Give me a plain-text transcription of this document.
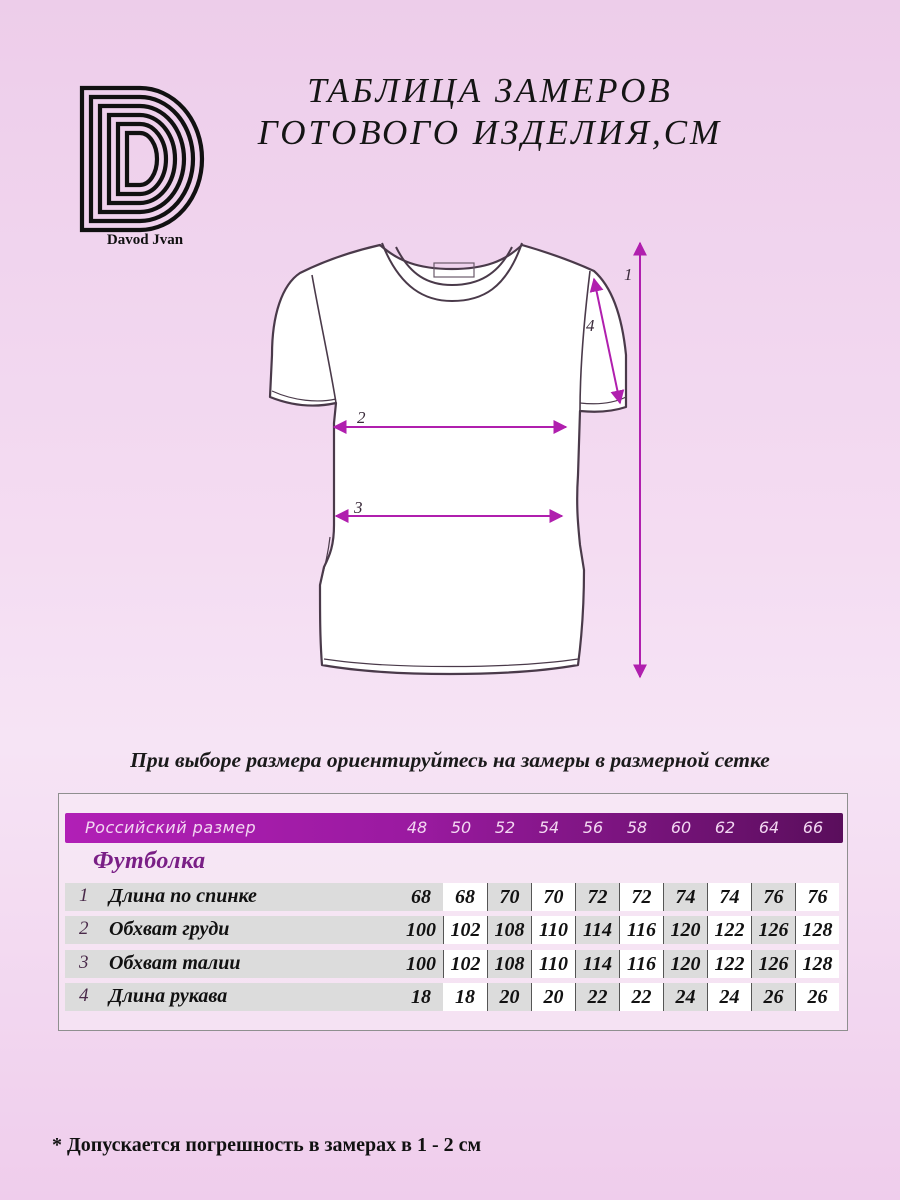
Davod Jvan
ТАБЛИЦА ЗАМЕРОВ
ГОТОВОГО ИЗДЕЛИЯ,СМ
1
2
3
4
При выборе размера ориентируйтесь на замеры в размерной сетке
Российский размер	48	50	52	54	56	58	60	62	64	66
Футболка
1 Длина по спинке	68	68	70	70	72	72	74	74	76	76
2 Обхват груди	100 102 108 110 114 116 120 122 126 128
3 Обхват талии	100 102 108 110 114 116 120 122 126 128
4 Длина рукава	18	18	20	20	22	22	24	24	26	26
* Допускается погрешность в замерах в 1 - 2 см
